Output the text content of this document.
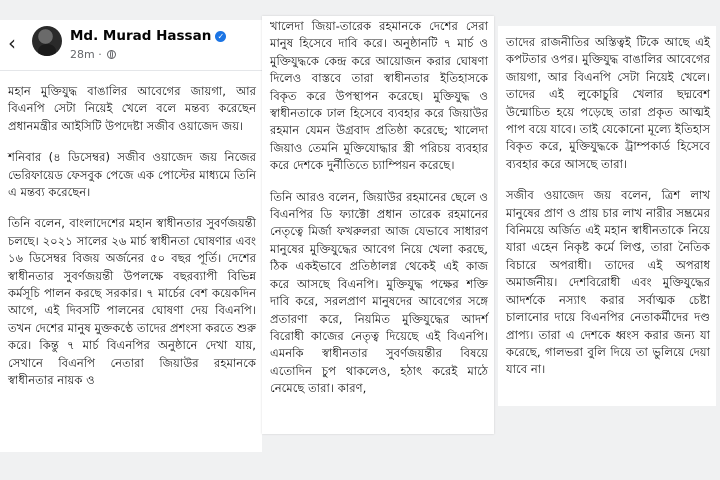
‹	Md. Murad Hassan ✓
28m ·

মহান মুক্তিযুদ্ধ বাঙালির আবেগের জায়গা, আর বিএনপি সেটা নিয়েই খেলে বলে মন্তব্য করেছেন প্রধানমন্ত্রীর আইসিটি উপদেষ্টা সজীব ওয়াজেদ জয়।

শনিবার (৪ ডিসেম্বর) সজীব ওয়াজেদ জয় নিজের ভেরিফায়েড ফেসবুক পেজে এক পোস্টের মাধ্যমে তিনি এ মন্তব্য করেছেন।

তিনি বলেন, বাংলাদেশের মহান স্বাধীনতার সুবর্ণজয়ন্তী চলছে। ২০২১ সালের ২৬ মার্চ স্বাধীনতা ঘোষণার এবং ১৬ ডিসেম্বর বিজয় অর্জনের ৫০ বছর পূর্তি। দেশের স্বাধীনতার সুবর্ণজয়ন্তী উপলক্ষে বছরব্যাপী বিভিন্ন কর্মসূচি পালন করছে সরকার। ৭ মার্চের বেশ কয়েকদিন আগে, এই দিবসটি পালনের ঘোষণা দেয় বিএনপি। তখন দেশের মানুষ মুক্তকণ্ঠে তাদের প্রশংসা করতে শুরু করে। কিন্তু ৭ মার্চ বিএনপির অনুষ্ঠানে দেখা যায়, সেখানে বিএনপি নেতারা জিয়াউর রহমানকে স্বাধীনতার নায়ক ও

খালেদা জিয়া-তারেক রহমানকে দেশের সেরা মানুষ হিসেবে দাবি করে। অনুষ্ঠানটি ৭ মার্চ ও মুক্তিযুদ্ধকে কেন্দ্র করে আয়োজন করার ঘোষণা দিলেও বাস্তবে তারা স্বাধীনতার ইতিহাসকে বিকৃত করে উপস্থাপন করেছে। মুক্তিযুদ্ধ ও স্বাধীনতাকে ঢাল হিসেবে ব্যবহার করে জিয়াউর রহমান যেমন উগ্রবাদ প্রতিষ্ঠা করেছে; খালেদা জিয়াও তেমনি মুক্তিযোদ্ধার স্ত্রী পরিচয় ব্যবহার করে দেশকে দুর্নীতিতে চ্যাম্পিয়ন করেছে।

তিনি আরও বলেন, জিয়াউর রহমানের ছেলে ও বিএনপির ডি ফ্যাক্টো প্রধান তারেক রহমানের নেতৃত্বে মির্জা ফখরুলরা আজ যেভাবে সাধারণ মানুষের মুক্তিযুদ্ধের আবেগ নিয়ে খেলা করছে, ঠিক একইভাবে প্রতিষ্ঠালগ্ন থেকেই এই কাজ করে আসছে বিএনপি। মুক্তিযুদ্ধ পক্ষের শক্তি দাবি করে, সরলপ্রাণ মানুষদের আবেগের সঙ্গে প্রতারণা করে, নিয়মিত মুক্তিযুদ্ধের আদর্শ বিরোধী কাজের নেতৃত্ব দিয়েছে এই বিএনপি। এমনকি স্বাধীনতার সুবর্ণজয়ন্তীর বিষয়ে এতোদিন চুপ থাকলেও, হঠাৎ করেই মাঠে নেমেছে তারা। কারণ,

তাদের রাজনীতির অস্তিত্বই টিকে আছে এই কপটতার ওপর। মুক্তিযুদ্ধ বাঙালির আবেগের জায়গা, আর বিএনপি সেটা নিয়েই খেলে। তাদের এই লুকোচুরি খেলার ছদ্মবেশ উন্মোচিত হয়ে পড়েছে তারা প্রকৃত আত্মই পাপ বয়ে যাবে। তাই যেকোনো মূল্যে ইতিহাস বিকৃত করে, মুক্তিযুদ্ধকে ট্রাম্পকার্ড হিসেবে ব্যবহার করে আসছে তারা।

সজীব ওয়াজেদ জয় বলেন, ত্রিশ লাখ মানুষের প্রাণ ও প্রায় চার লাখ নারীর সম্ভ্রমের বিনিময়ে অর্জিত এই মহান স্বাধীনতাকে নিয়ে যারা এহেন নিকৃষ্ট কর্মে লিপ্ত, তারা নৈতিক বিচারে অপরাধী। তাদের এই অপরাধ অমার্জনীয়। দেশবিরোধী এবং মুক্তিযুদ্ধের আদর্শকে নস্যাৎ করার সর্বাত্মক চেষ্টা চালানোর দায়ে বিএনপির নেতাকর্মীদের দণ্ড প্রাপ্য। তারা এ দেশকে ধ্বংস করার জন্য যা করেছে, গালভরা বুলি দিয়ে তা ভুলিয়ে দেয়া যাবে না।
